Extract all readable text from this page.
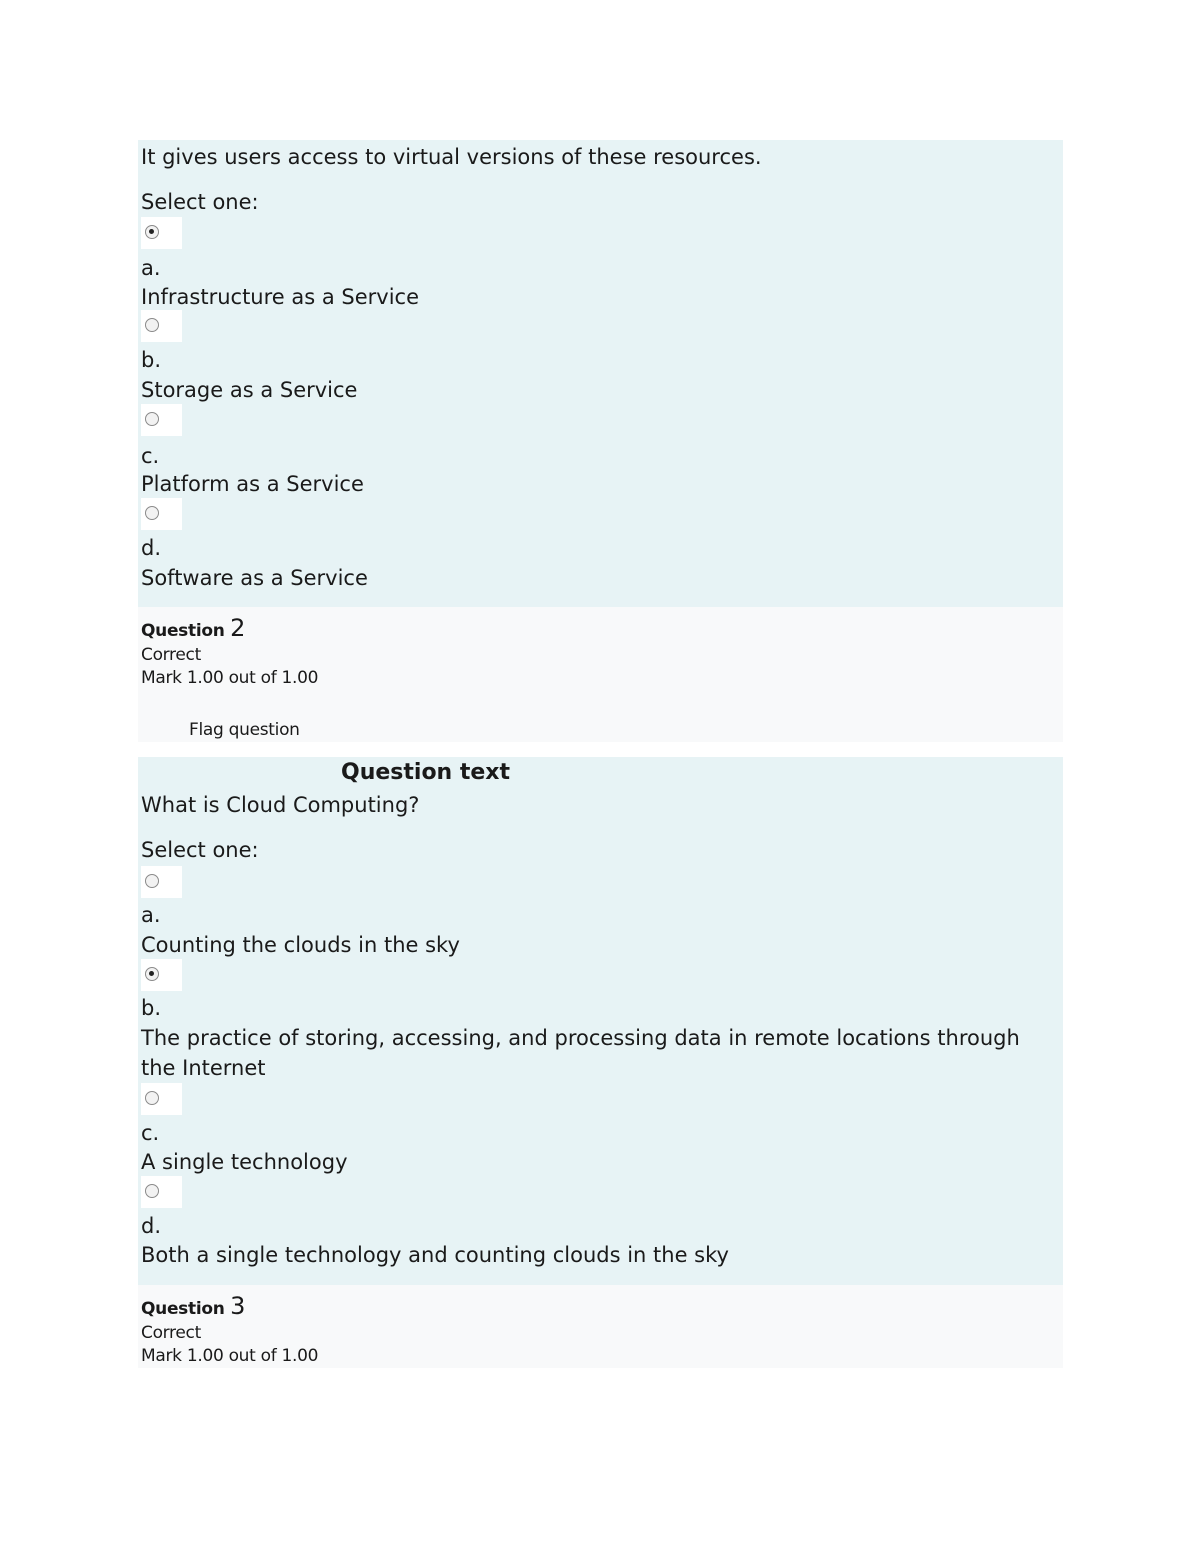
It gives users access to virtual versions of these resources.
Select one:
a.
Infrastructure as a Service
b.
Storage as a Service
c.
Platform as a Service
d.
Software as a Service
Question 2
Correct
Mark 1.00 out of 1.00
Flag question
Question text
What is Cloud Computing?
Select one:
a.
Counting the clouds in the sky
b.
The practice of storing, accessing, and processing data in remote locations through the Internet
c.
A single technology
d.
Both a single technology and counting clouds in the sky
Question 3
Correct
Mark 1.00 out of 1.00
